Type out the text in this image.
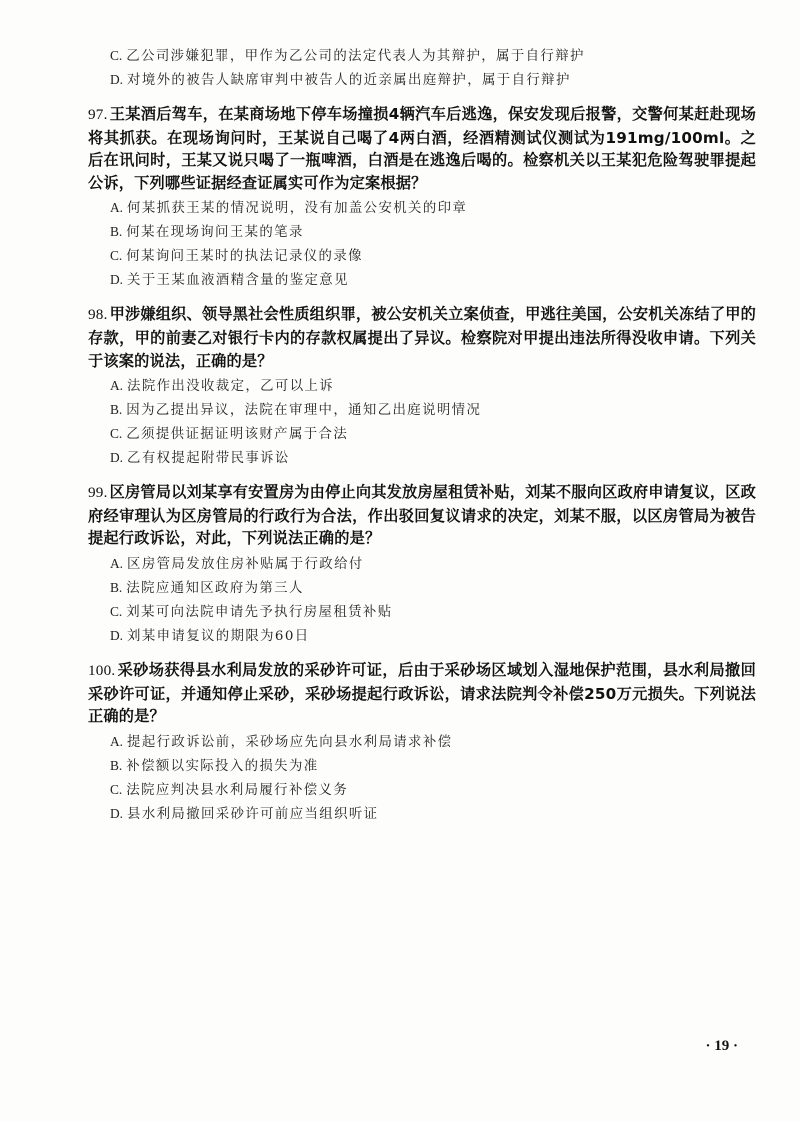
C. 乙公司涉嫌犯罪，甲作为乙公司的法定代表人为其辩护，属于自行辩护
D. 对境外的被告人缺席审判中被告人的近亲属出庭辩护，属于自行辩护
97. 王某酒后驾车，在某商场地下停车场撞损4辆汽车后逃逸，保安发现后报警，交警何某赶赴现场将其抓获。在现场询问时，王某说自己喝了4两白酒，经酒精测试仪测试为191mg/100ml。之后在讯问时，王某又说只喝了一瓶啤酒，白酒是在逃逸后喝的。检察机关以王某犯危险驾驶罪提起公诉，下列哪些证据经查证属实可作为定案根据？
A. 何某抓获王某的情况说明，没有加盖公安机关的印章
B. 何某在现场询问王某的笔录
C. 何某询问王某时的执法记录仪的录像
D. 关于王某血液酒精含量的鉴定意见
98. 甲涉嫌组织、领导黑社会性质组织罪，被公安机关立案侦查，甲逃往美国，公安机关冻结了甲的存款，甲的前妻乙对银行卡内的存款权属提出了异议。检察院对甲提出违法所得没收申请。下列关于该案的说法，正确的是？
A. 法院作出没收裁定，乙可以上诉
B. 因为乙提出异议，法院在审理中，通知乙出庭说明情况
C. 乙须提供证据证明该财产属于合法
D. 乙有权提起附带民事诉讼
99. 区房管局以刘某享有安置房为由停止向其发放房屋租赁补贴，刘某不服向区政府申请复议，区政府经审理认为区房管局的行政行为合法，作出驳回复议请求的决定，刘某不服，以区房管局为被告提起行政诉讼，对此，下列说法正确的是？
A. 区房管局发放住房补贴属于行政给付
B. 法院应通知区政府为第三人
C. 刘某可向法院申请先予执行房屋租赁补贴
D. 刘某申请复议的期限为60日
100. 采砂场获得县水利局发放的采砂许可证，后由于采砂场区域划入湿地保护范围，县水利局撤回采砂许可证，并通知停止采砂，采砂场提起行政诉讼，请求法院判令补偿250万元损失。下列说法正确的是？
A. 提起行政诉讼前，采砂场应先向县水利局请求补偿
B. 补偿额以实际投入的损失为准
C. 法院应判决县水利局履行补偿义务
D. 县水利局撤回采砂许可前应当组织听证
· 19 ·
